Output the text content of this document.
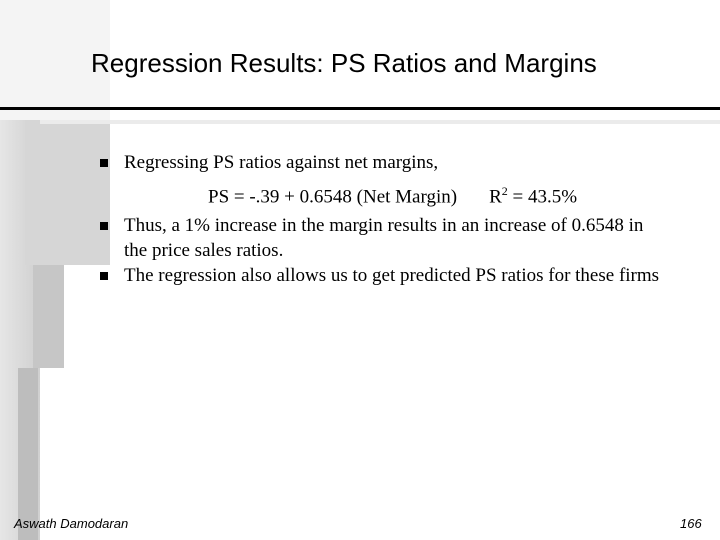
Regression Results: PS Ratios and Margins
Regressing PS ratios against net margins,
PS = -.39 + 0.6548 (Net Margin) $R^2 = 43.5\%$
Thus, a 1% increase in the margin results in an increase of 0.6548 in
the price sales ratios.
The regression also allows us to get predicted PS ratios for these firms
Aswath Damodaran	166
